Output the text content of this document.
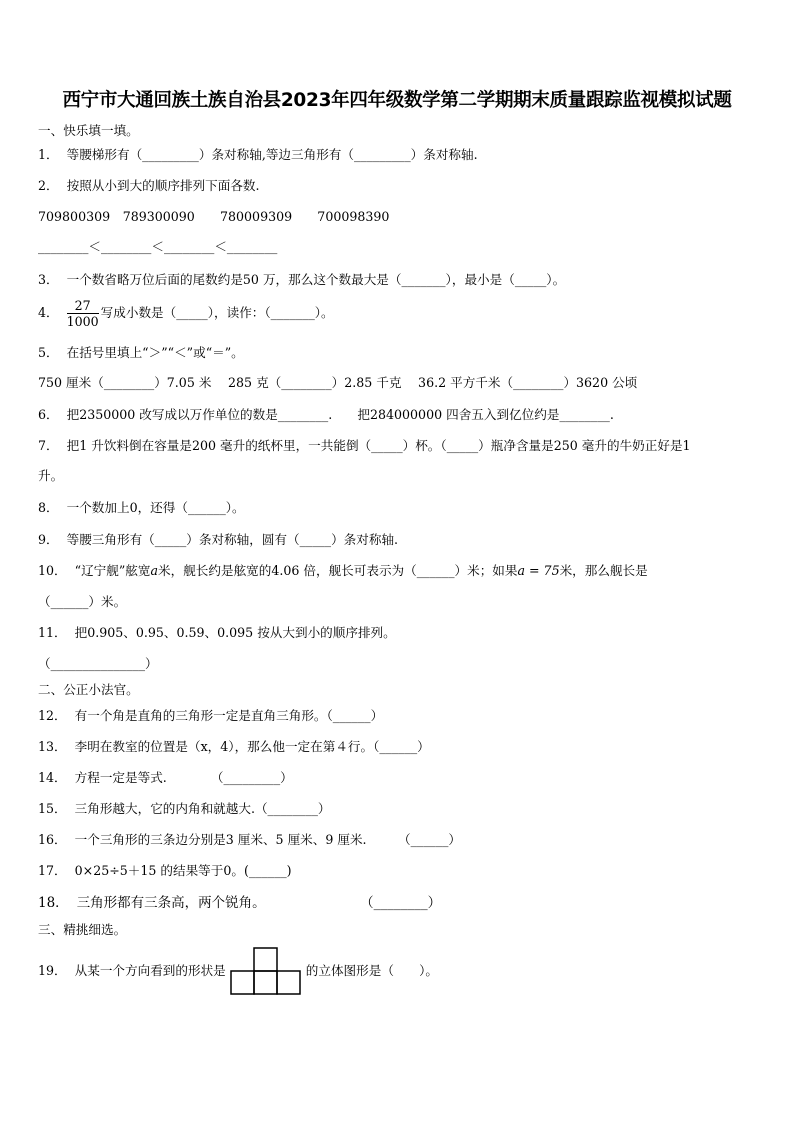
西宁市大通回族土族自治县2023年四年级数学第二学期期末质量跟踪监视模拟试题
一、快乐填一填。
1． 等腰梯形有（_________）条对称轴,等边三角形有（_________）条对称轴.
2． 按照从小到大的顺序排列下面各数.
709800309　789300090　　780009309　　700098390
________＜________＜________＜________
3． 一个数省略万位后面的尾数约是50 万，那么这个数最大是（_______），最小是（_____）。
4． $\frac{27}{1000}$ 写成小数是（_____），读作：（_______）。
5． 在括号里填上“＞”“＜”或“＝”。
750 厘米（________）7.05 米　 285 克（________）2.85 千克　 36.2 平方千米（________）3620 公顷
6． 把2350000 改写成以万作单位的数是________.　　把284000000 四舍五入到亿位约是________.
7． 把1 升饮料倒在容量是200 毫升的纸杯里，一共能倒（_____）杯。（_____）瓶净含量是250 毫升的牛奶正好是1
升。
8． 一个数加上0，还得（______）。
9． 等腰三角形有（_____）条对称轴，圆有（_____）条对称轴.
10． “辽宁舰”舷宽a米，舰长约是舷宽的4.06 倍，舰长可表示为（______）米；如果a = 75米，那么舰长是
（______）米。
11． 把0.905、0.95、0.59、0.095 按从大到小的顺序排列。
（_______________）
二、公正小法官。
12． 有一个角是直角的三角形一定是直角三角形。（______）
13． 李明在教室的位置是（x，4），那么他一定在第４行。（______）
14． 方程一定是等式.　　　　（_________）
15． 三角形越大，它的内角和就越大.（________）
16． 一个三角形的三条边分别是3 厘米、5 厘米、9 厘米.　　　（______）
17． 0×25÷5＋15 的结果等于0。(______)
18． 三角形都有三条高，两个锐角。　　　　　　　　（________）
三、精挑细选。
19． 从某一个方向看到的形状是	的立体图形是（　　）。
